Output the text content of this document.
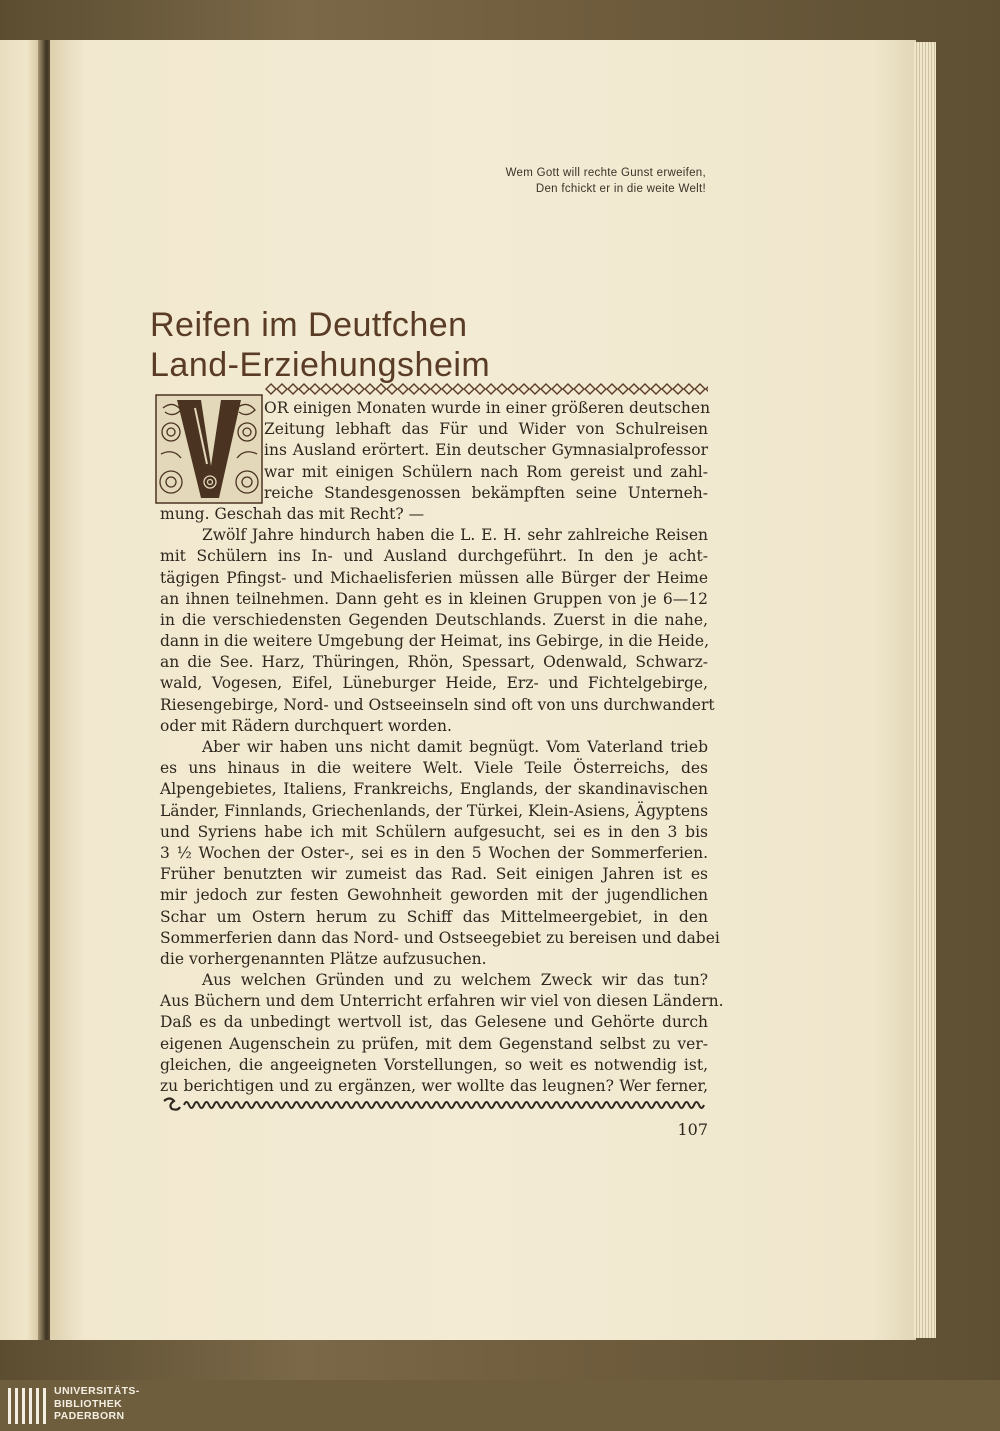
Wem Gott will rechte Gunst erweifen,
Den fchickt er in die weite Welt!
Reifen im Deutfchen
Land-Erziehungsheim
V
OR einigen Monaten wurde in einer größeren deutschen
Zeitung lebhaft das Für und Wider von Schulreisen
ins Ausland erörtert. Ein deutscher Gymnasialprofessor
war mit einigen Schülern nach Rom gereist und zahl-
reiche Standesgenossen bekämpften seine Unterneh-
mung. Geschah das mit Recht? —
Zwölf Jahre hindurch haben die L. E. H. sehr zahlreiche Reisen
mit Schülern ins In- und Ausland durchgeführt. In den je acht-
tägigen Pfingst- und Michaelisferien müssen alle Bürger der Heime
an ihnen teilnehmen. Dann geht es in kleinen Gruppen von je 6—12
in die verschiedensten Gegenden Deutschlands. Zuerst in die nahe,
dann in die weitere Umgebung der Heimat, ins Gebirge, in die Heide,
an die See. Harz, Thüringen, Rhön, Spessart, Odenwald, Schwarz-
wald, Vogesen, Eifel, Lüneburger Heide, Erz- und Fichtelgebirge,
Riesengebirge, Nord- und Ostseeinseln sind oft von uns durchwandert
oder mit Rädern durchquert worden.
Aber wir haben uns nicht damit begnügt. Vom Vaterland trieb
es uns hinaus in die weitere Welt. Viele Teile Österreichs, des
Alpengebietes, Italiens, Frankreichs, Englands, der skandinavischen
Länder, Finnlands, Griechenlands, der Türkei, Klein-Asiens, Ägyptens
und Syriens habe ich mit Schülern aufgesucht, sei es in den 3 bis
3 ½ Wochen der Oster-, sei es in den 5 Wochen der Sommerferien.
Früher benutzten wir zumeist das Rad. Seit einigen Jahren ist es
mir jedoch zur festen Gewohnheit geworden mit der jugendlichen
Schar um Ostern herum zu Schiff das Mittelmeergebiet, in den
Sommerferien dann das Nord- und Ostseegebiet zu bereisen und dabei
die vorhergenannten Plätze aufzusuchen.
Aus welchen Gründen und zu welchem Zweck wir das tun?
Aus Büchern und dem Unterricht erfahren wir viel von diesen Ländern.
Daß es da unbedingt wertvoll ist, das Gelesene und Gehörte durch
eigenen Augenschein zu prüfen, mit dem Gegenstand selbst zu ver-
gleichen, die angeeigneten Vorstellungen, so weit es notwendig ist,
zu berichtigen und zu ergänzen, wer wollte das leugnen? Wer ferner,
107
UNIVERSITÄTS-
BIBLIOTHEK
PADERBORN
